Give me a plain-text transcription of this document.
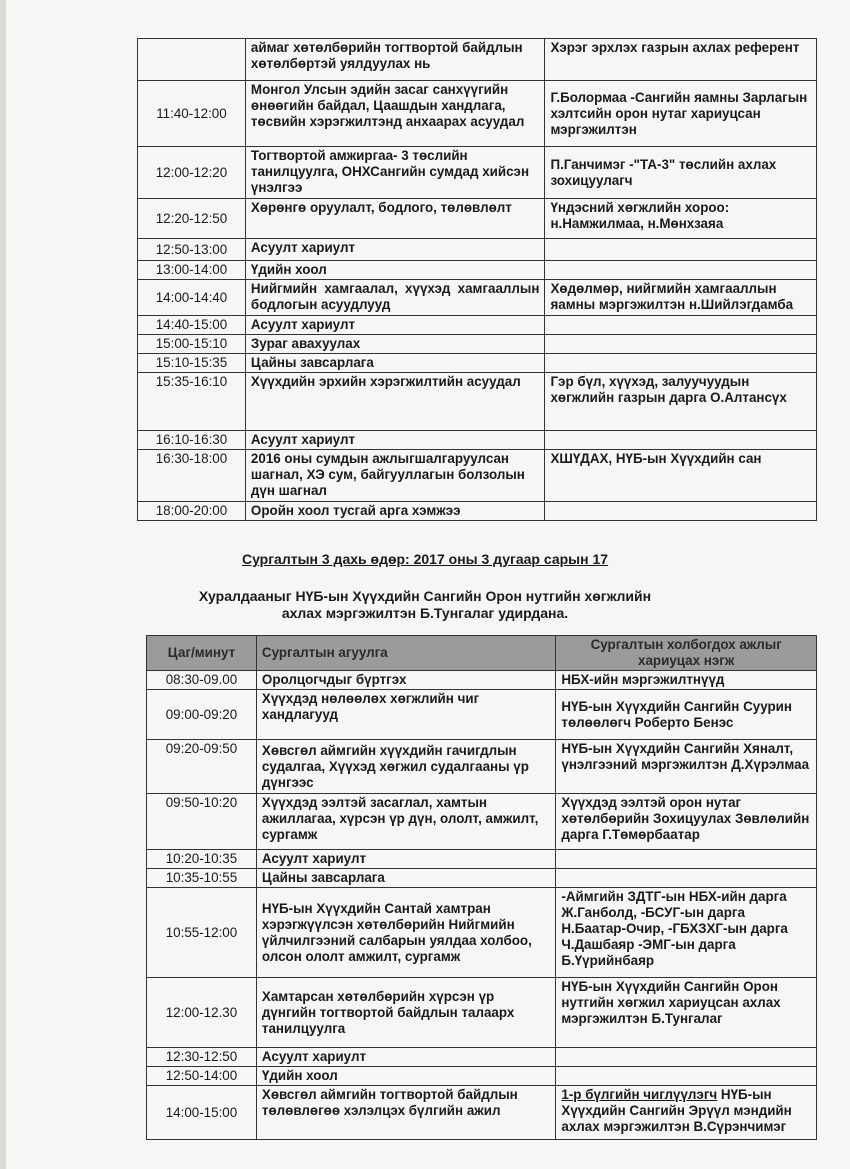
	аймаг хөтөлбөрийн тогтвортой байдлын хөтөлбөртэй уялдуулах нь	Хэрэг эрхлэх газрын ахлах референт
11:40-12:00	Монгол Улсын эдийн засаг санхүүгийн өнөөгийн байдал, Цаашдын хандлага, төсвийн хэрэгжилтэнд анхаарах асуудал	Г.Болормаа -Сангийн яамны Зарлагын хэлтсийн орон нутаг хариуцсан мэргэжилтэн
12:00-12:20	Тогтвортой амжиргаа- 3 төслийн танилцуулга, ОНХСангийн сумдад хийсэн үнэлгээ	П.Ганчимэг -"ТА-3" төслийн ахлах зохицуулагч
12:20-12:50	Хөрөнгө оруулалт, бодлого, төлөвлөлт	Үндэсний хөгжлийн хороо: н.Намжилмаа, н.Мөнхзаяа
12:50-13:00	Асуулт хариулт	
13:00-14:00	Үдийн хоол	
14:00-14:40	Нийгмийн хамгаалал, хүүхэд хамгааллын бодлогын асуудлууд	Хөдөлмөр, нийгмийн хамгааллын яамны мэргэжилтэн н.Шийлэгдамба
14:40-15:00	Асуулт хариулт	
15:00-15:10	Зураг авахуулах	
15:10-15:35	Цайны завсарлага	
15:35-16:10	Хүүхдийн эрхийн хэрэгжилтийн асуудал	Гэр бүл, хүүхэд, залуучуудын хөгжлийн газрын дарга О.Алтансүх
16:10-16:30	Асуулт хариулт	
16:30-18:00	2016 оны сумдын ажлыгшалгаруулсан шагнал, ХЭ сум, байгууллагын болзолын дүн шагнал	ХШҮДАХ, НҮБ-ын Хүүхдийн сан
18:00-20:00	Оройн хоол тусгай арга хэмжээ	
Сургалтын 3 дахь өдөр: 2017 оны 3 дугаар сарын 17
Хуралдааныг НҮБ-ын Хүүхдийн Сангийн Орон нутгийн хөгжлийн
ахлах мэргэжилтэн Б.Тунгалаг удирдана.
Цаг/минут	Сургалтын агуулга	Сургалтын холбогдох ажлыг хариуцах нэгж
08:30-09.00	Оролцогчдыг бүртгэх	НБХ-ийн мэргэжилтнүүд
09:00-09:20	Хүүхдэд нөлөөлөх хөгжлийн чиг хандлагууд	НҮБ-ын Хүүхдийн Сангийн Суурин төлөөлөгч Роберто Бенэс
09:20-09:50	Хөвсгөл аймгийн хүүхдийн гачигдлын судалгаа, Хүүхэд хөгжил судалгааны үр дүнгээс	НҮБ-ын Хүүхдийн Сангийн Хяналт, үнэлгээний мэргэжилтэн Д.Хүрэлмаа
09:50-10:20	Хүүхдэд ээлтэй засаглал, хамтын ажиллагаа, хүрсэн үр дүн, ололт, амжилт, сургамж	Хүүхдэд ээлтэй орон нутаг хөтөлбөрийн Зохицуулах Зөвлөлийн дарга Г.Төмөрбаатар
10:20-10:35	Асуулт хариулт	
10:35-10:55	Цайны завсарлага	
10:55-12:00	НҮБ-ын Хүүхдийн Сантай хамтран хэрэгжүүлсэн хөтөлбөрийн Нийгмийн үйлчилгээний салбарын уялдаа холбоо, олсон ололт амжилт, сургамж	-Аймгийн ЗДТГ-ын НБХ-ийн дарга Ж.Ганболд, -БСУГ-ын дарга Н.Баатар-Очир, -ГБХЗХГ-ын дарга Ч.Дашбаяр -ЭМГ-ын дарга Б.Үүрийнбаяр
12:00-12.30	Хамтарсан хөтөлбөрийн хүрсэн үр дүнгийн тогтвортой байдлын талаарх танилцуулга	НҮБ-ын Хүүхдийн Сангийн Орон нутгийн хөгжил хариуцсан ахлах мэргэжилтэн Б.Тунгалаг
12:30-12:50	Асуулт хариулт	
12:50-14:00	Үдийн хоол	
14:00-15:00	Хөвсгөл аймгийн тогтвортой байдлын төлөвлөгөө хэлэлцэх бүлгийн ажил	1-р бүлгийн чиглүүлэгч НҮБ-ын Хүүхдийн Сангийн Эрүүл мэндийн ахлах мэргэжилтэн В.Сүрэнчимэг
